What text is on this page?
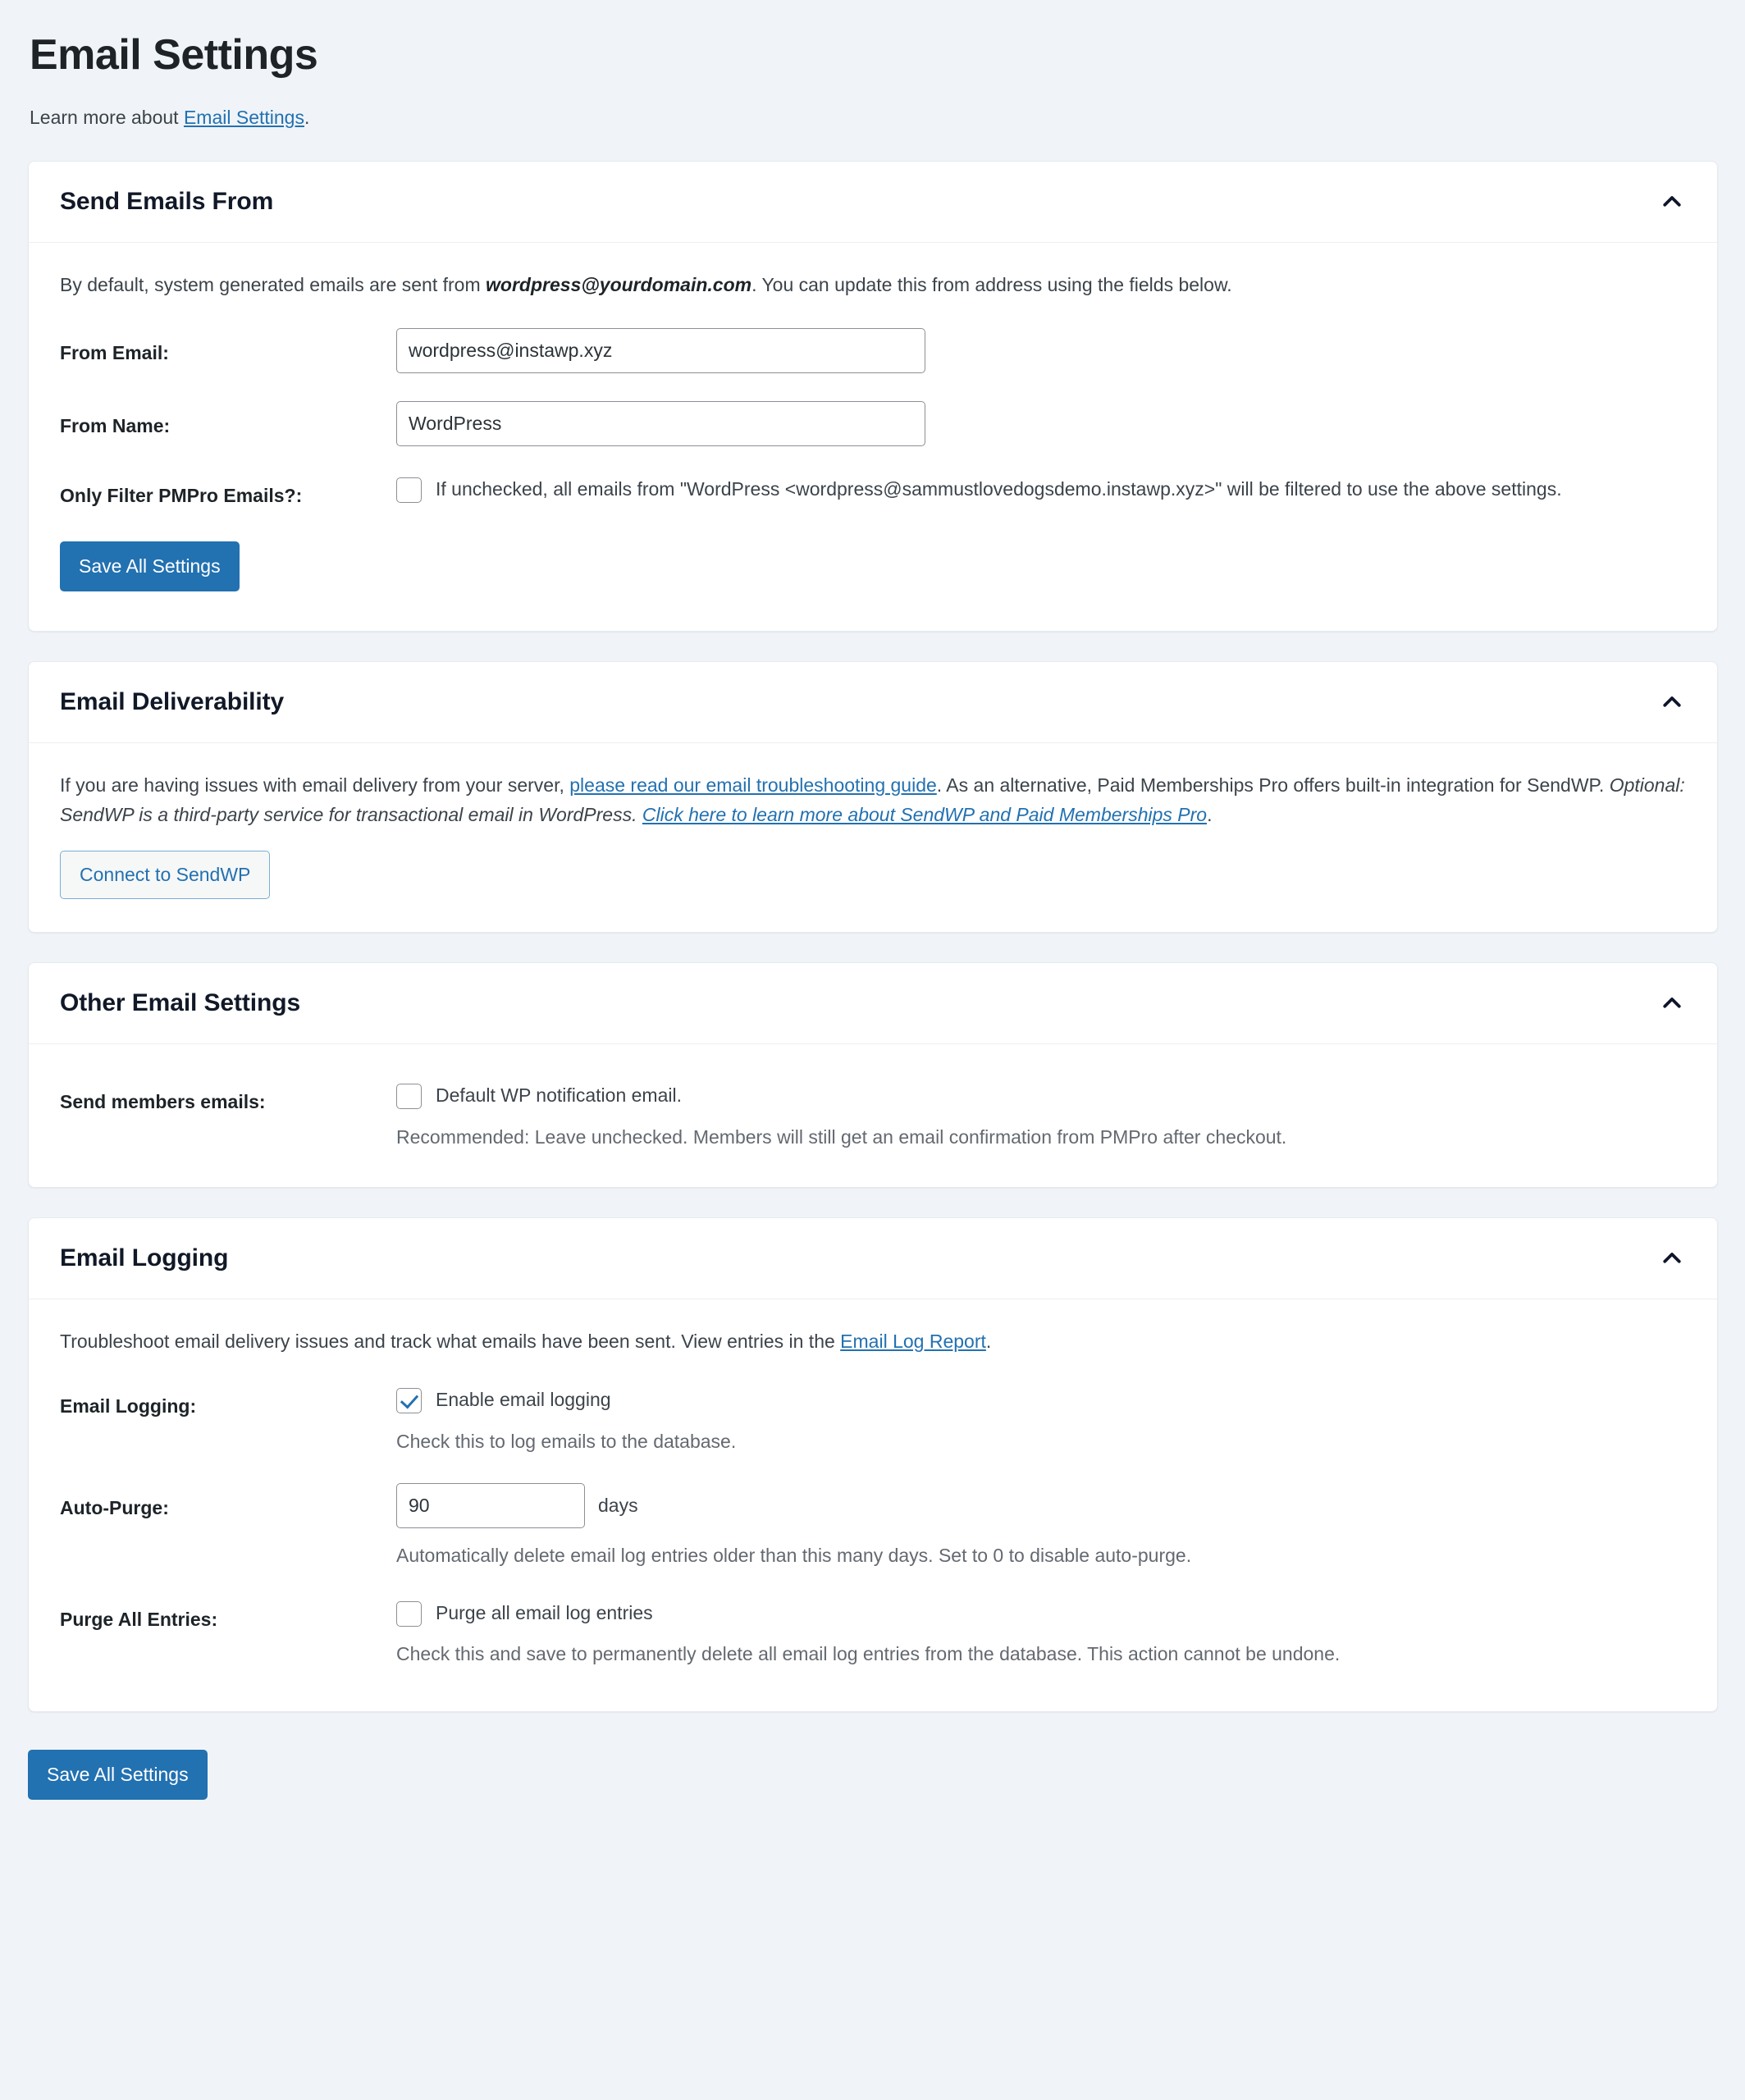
Email Settings

Learn more about Email Settings.

Send Emails From

By default, system generated emails are sent from wordpress@yourdomain.com. You can update this from address using the fields below.

From Email:
wordpress@instawp.xyz
From Name:
WordPress
Only Filter PMPro Emails?:	If unchecked, all emails from "WordPress <wordpress@sammustlovedogsdemo.instawp.xyz>" will be filtered to use the above settings.
Save All Settings
Email Deliverability

If you are having issues with email delivery from your server, please read our email troubleshooting guide. As an alternative, Paid Memberships Pro offers built-in integration for SendWP. Optional: SendWP is a third-party service for transactional email in WordPress. Click here to learn more about SendWP and Paid Memberships Pro.

Connect to SendWP
Other Email Settings
Send members emails:	Default WP notification email.
Recommended: Leave unchecked. Members will still get an email confirmation from PMPro after checkout.
Email Logging

Troubleshoot email delivery issues and track what emails have been sent. View entries in the Email Log Report.

Email Logging:	Enable email logging
Check this to log emails to the database.
Auto-Purge:
90	days
Automatically delete email log entries older than this many days. Set to 0 to disable auto-purge.
Purge All Entries:	Purge all email log entries
Check this and save to permanently delete all email log entries from the database. This action cannot be undone.
Save All Settings
